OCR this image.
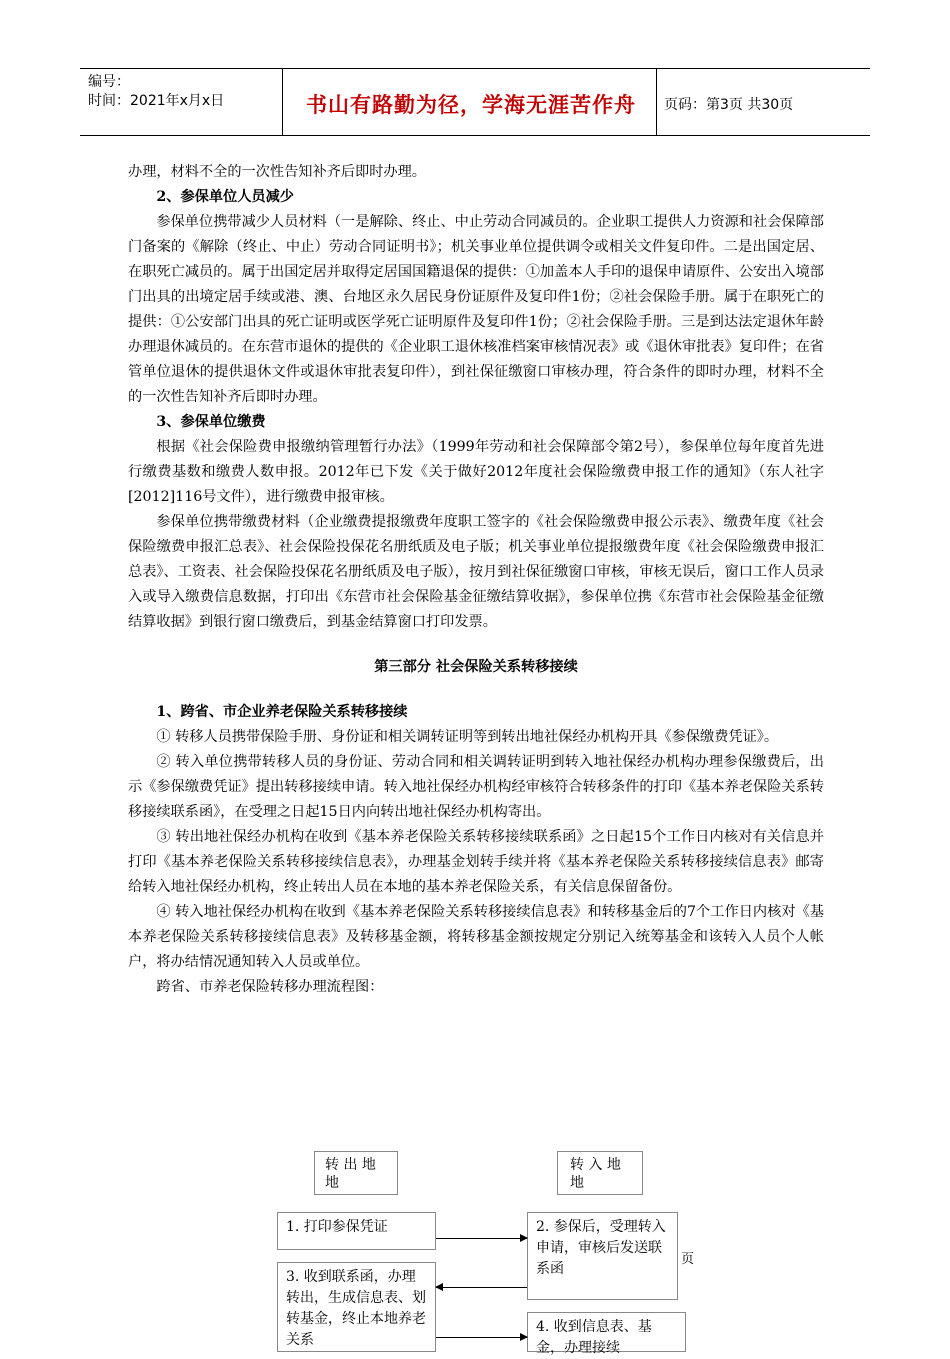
编号：
时间：2021年x月x日	书山有路勤为径，学海无涯苦作舟	页码：第3页 共30页

办理，材料不全的一次性告知补齐后即时办理。

2、参保单位人员减少

参保单位携带减少人员材料（一是解除、终止、中止劳动合同减员的。企业职工提供人力资源和社会保障部门备案的《解除（终止、中止）劳动合同证明书》；机关事业单位提供调令或相关文件复印件。二是出国定居、在职死亡减员的。属于出国定居并取得定居国国籍退保的提供：①加盖本人手印的退保申请原件、公安出入境部门出具的出境定居手续或港、澳、台地区永久居民身份证原件及复印件1份；②社会保险手册。属于在职死亡的提供：①公安部门出具的死亡证明或医学死亡证明原件及复印件1份；②社会保险手册。三是到达法定退休年龄办理退休减员的。在东营市退休的提供的《企业职工退休核准档案审核情况表》或《退休审批表》复印件；在省管单位退休的提供退休文件或退休审批表复印件），到社保征缴窗口审核办理，符合条件的即时办理，材料不全的一次性告知补齐后即时办理。

3、参保单位缴费

根据《社会保险费申报缴纳管理暂行办法》（1999年劳动和社会保障部令第2号），参保单位每年度首先进行缴费基数和缴费人数申报。2012年已下发《关于做好2012年度社会保险缴费申报工作的通知》（东人社字[2012]116号文件），进行缴费申报审核。

参保单位携带缴费材料（企业缴费提报缴费年度职工签字的《社会保险缴费申报公示表》、缴费年度《社会保险缴费申报汇总表》、社会保险投保花名册纸质及电子版；机关事业单位提报缴费年度《社会保险缴费申报汇总表》、工资表、社会保险投保花名册纸质及电子版），按月到社保征缴窗口审核，审核无误后，窗口工作人员录入或导入缴费信息数据，打印出《东营市社会保险基金征缴结算收据》，参保单位携《东营市社会保险基金征缴结算收据》到银行窗口缴费后，到基金结算窗口打印发票。

第三部分 社会保险关系转移接续

1、跨省、市企业养老保险关系转移接续

① 转移人员携带保险手册、身份证和相关调转证明等到转出地社保经办机构开具《参保缴费凭证》。

② 转入单位携带转移人员的身份证、劳动合同和相关调转证明到转入地社保经办机构办理参保缴费后，出示《参保缴费凭证》提出转移接续申请。转入地社保经办机构经审核符合转移条件的打印《基本养老保险关系转移接续联系函》，在受理之日起15日内向转出地社保经办机构寄出。

③ 转出地社保经办机构在收到《基本养老保险关系转移接续联系函》之日起15个工作日内核对有关信息并打印《基本养老保险关系转移接续信息表》，办理基金划转手续并将《基本养老保险关系转移接续信息表》邮寄给转入地社保经办机构，终止转出人员在本地的基本养老保险关系，有关信息保留备份。

④ 转入地社保经办机构在收到《基本养老保险关系转移接续信息表》和转移基金后的7个工作日内核对《基本养老保险关系转移接续信息表》及转移基金额，将转移基金额按规定分别记入统筹基金和该转入人员个人帐户，将办结情况通知转入人员或单位。

跨省、市养老保险转移办理流程图：

转 出 地 地
转 入 地 地
1. 打印参保凭证	2. 参保后，受理转入申请，审核后发送联系函
3. 收到联系函，办理转出，生成信息表、划转基金，终止本地养老关系
4. 收到信息表、基金，办理接续
页
